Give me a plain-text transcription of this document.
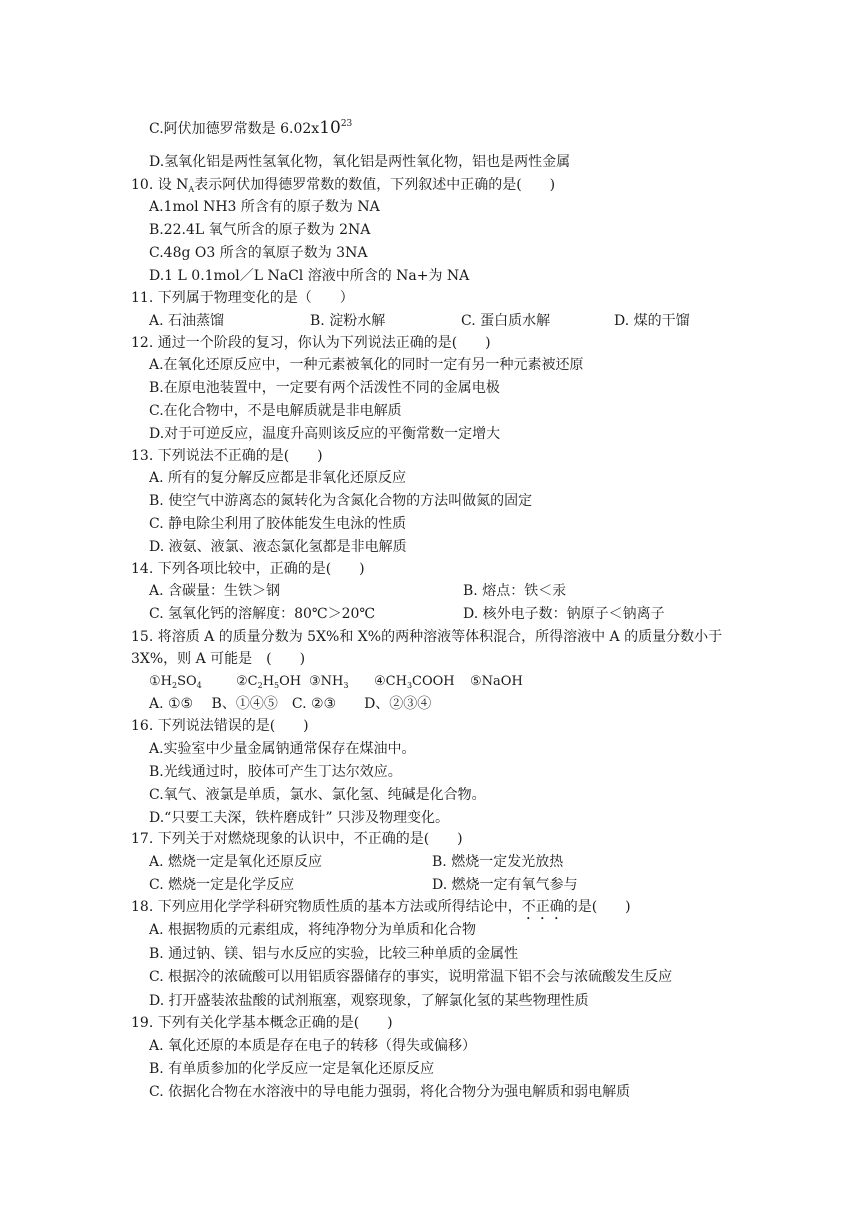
C.阿伏加德罗常数是 $6.02x10^{23}$
D.氢氧化铝是两性氢氧化物，氧化铝是两性氧化物，铝也是两性金属
10. 设 $N_A$表示阿伏加得德罗常数的数值，下列叙述中正确的是(　　)
A.1mol NH3 所含有的原子数为 NA
B.22.4L 氧气所含的原子数为 2NA
C.48g O3 所含的氧原子数为 3NA
D.1 L 0.1mol／L NaCl 溶液中所含的 Na+为 NA
11. 下列属于物理变化的是（　　）
A. 石油蒸馏	B. 淀粉水解	C. 蛋白质水解	D. 煤的干馏
12. 通过一个阶段的复习，你认为下列说法正确的是(　　)
A.在氧化还原反应中，一种元素被氧化的同时一定有另一种元素被还原
B.在原电池装置中，一定要有两个活泼性不同的金属电极
C.在化合物中，不是电解质就是非电解质
D.对于可逆反应，温度升高则该反应的平衡常数一定增大
13. 下列说法不正确的是(　　)
A. 所有的复分解反应都是非氧化还原反应
B. 使空气中游离态的氮转化为含氮化合物的方法叫做氮的固定
C. 静电除尘利用了胶体能发生电泳的性质
D. 液氨、液氯、液态氯化氢都是非电解质
14. 下列各项比较中，正确的是(　　)
A. 含碳量：生铁＞钢	B. 熔点：铁＜汞
C. 氢氧化钙的溶解度：80℃＞20℃	D. 核外电子数：钠原子＜钠离子
15. 将溶质 A 的质量分数为 5X%和 X%的两种溶液等体积混合，所得溶液中 A 的质量分数小于
3X%，则 A 可能是　(　　)
$①H_2SO_4$	$②C_2H_5OH$ $③NH_3$ $④CH_3COOH$ ⑤NaOH
A. ①⑤　 B、①④⑤　C. ②③　　D、②③④
16. 下列说法错误的是(　　)
A.实验室中少量金属钠通常保存在煤油中。
B.光线通过时，胶体可产生丁达尔效应。
C.氧气、液氯是单质，氯水、氯化氢、纯碱是化合物。
D.“只要工夫深，铁杵磨成针” 只涉及物理变化。
17. 下列关于对燃烧现象的认识中，不正确的是(　　)
A. 燃烧一定是氧化还原反应	B. 燃烧一定发光放热
C. 燃烧一定是化学反应	D. 燃烧一定有氧气参与
18. 下列应用化学学科研究物质性质的基本方法或所得结论中，不正确的是(　　)
A. 根据物质的元素组成，将纯净物分为单质和化合物
B. 通过钠、镁、铝与水反应的实验，比较三种单质的金属性
C. 根据冷的浓硫酸可以用铝质容器储存的事实，说明常温下铝不会与浓硫酸发生反应
D. 打开盛装浓盐酸的试剂瓶塞，观察现象，了解氯化氢的某些物理性质
19. 下列有关化学基本概念正确的是(　　)
A. 氧化还原的本质是存在电子的转移（得失或偏移）
B. 有单质参加的化学反应一定是氧化还原反应
C. 依据化合物在水溶液中的导电能力强弱，将化合物分为强电解质和弱电解质
